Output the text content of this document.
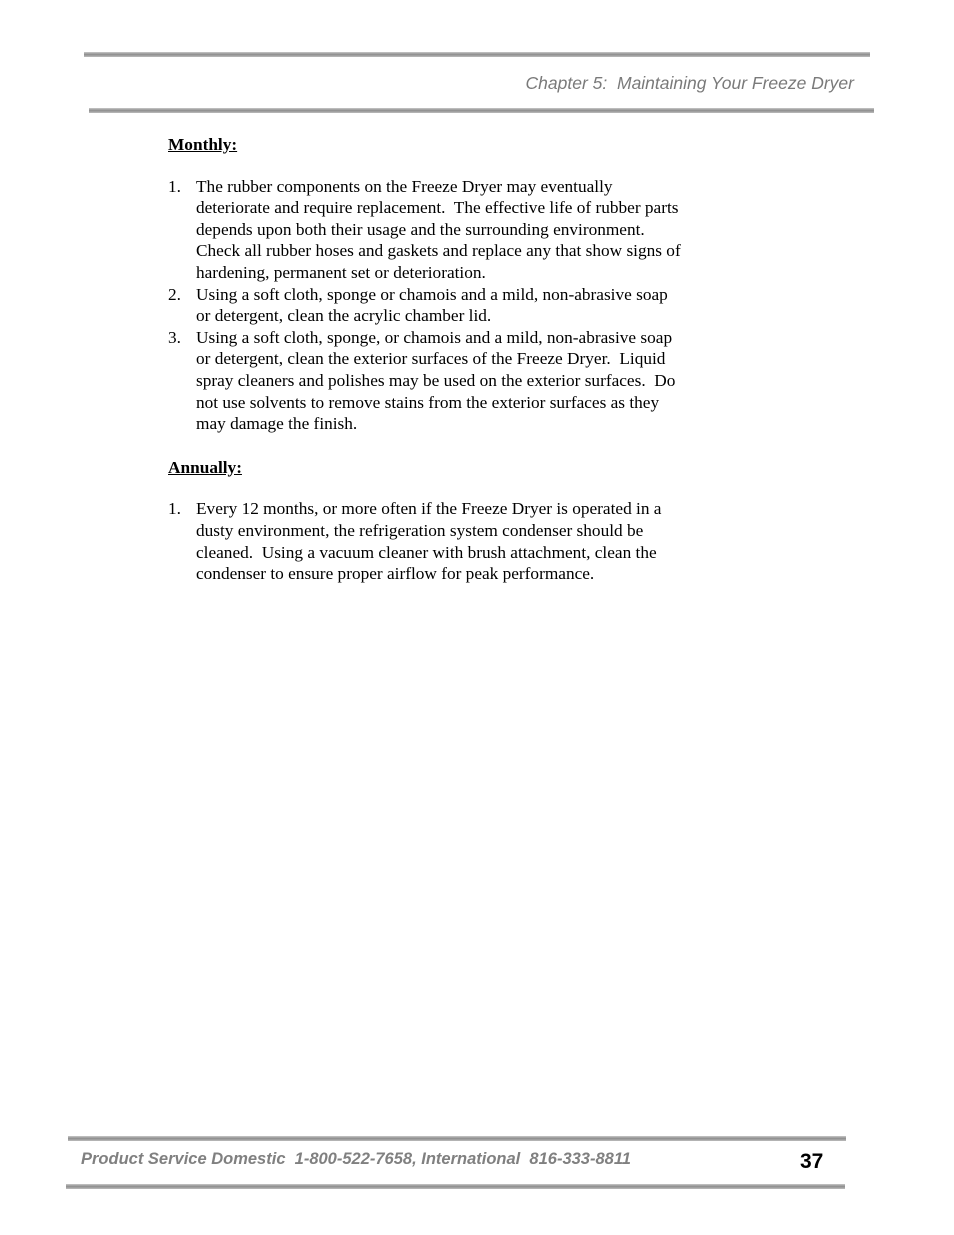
Chapter 5:  Maintaining Your Freeze Dryer
Monthly:
1. The rubber components on the Freeze Dryer may eventually deteriorate and require replacement.  The effective life of rubber parts depends upon both their usage and the surrounding environment.  Check all rubber hoses and gaskets and replace any that show signs of hardening, permanent set or deterioration.
2. Using a soft cloth, sponge or chamois and a mild, non-abrasive soap or detergent, clean the acrylic chamber lid.
3. Using a soft cloth, sponge, or chamois and a mild, non-abrasive soap or detergent, clean the exterior surfaces of the Freeze Dryer.  Liquid spray cleaners and polishes may be used on the exterior surfaces.  Do not use solvents to remove stains from the exterior surfaces as they may damage the finish.
Annually:
1. Every 12 months, or more often if the Freeze Dryer is operated in a dusty environment, the refrigeration system condenser should be cleaned.  Using a vacuum cleaner with brush attachment, clean the condenser to ensure proper airflow for peak performance.
Product Service Domestic  1-800-522-7658, International  816-333-8811	37
